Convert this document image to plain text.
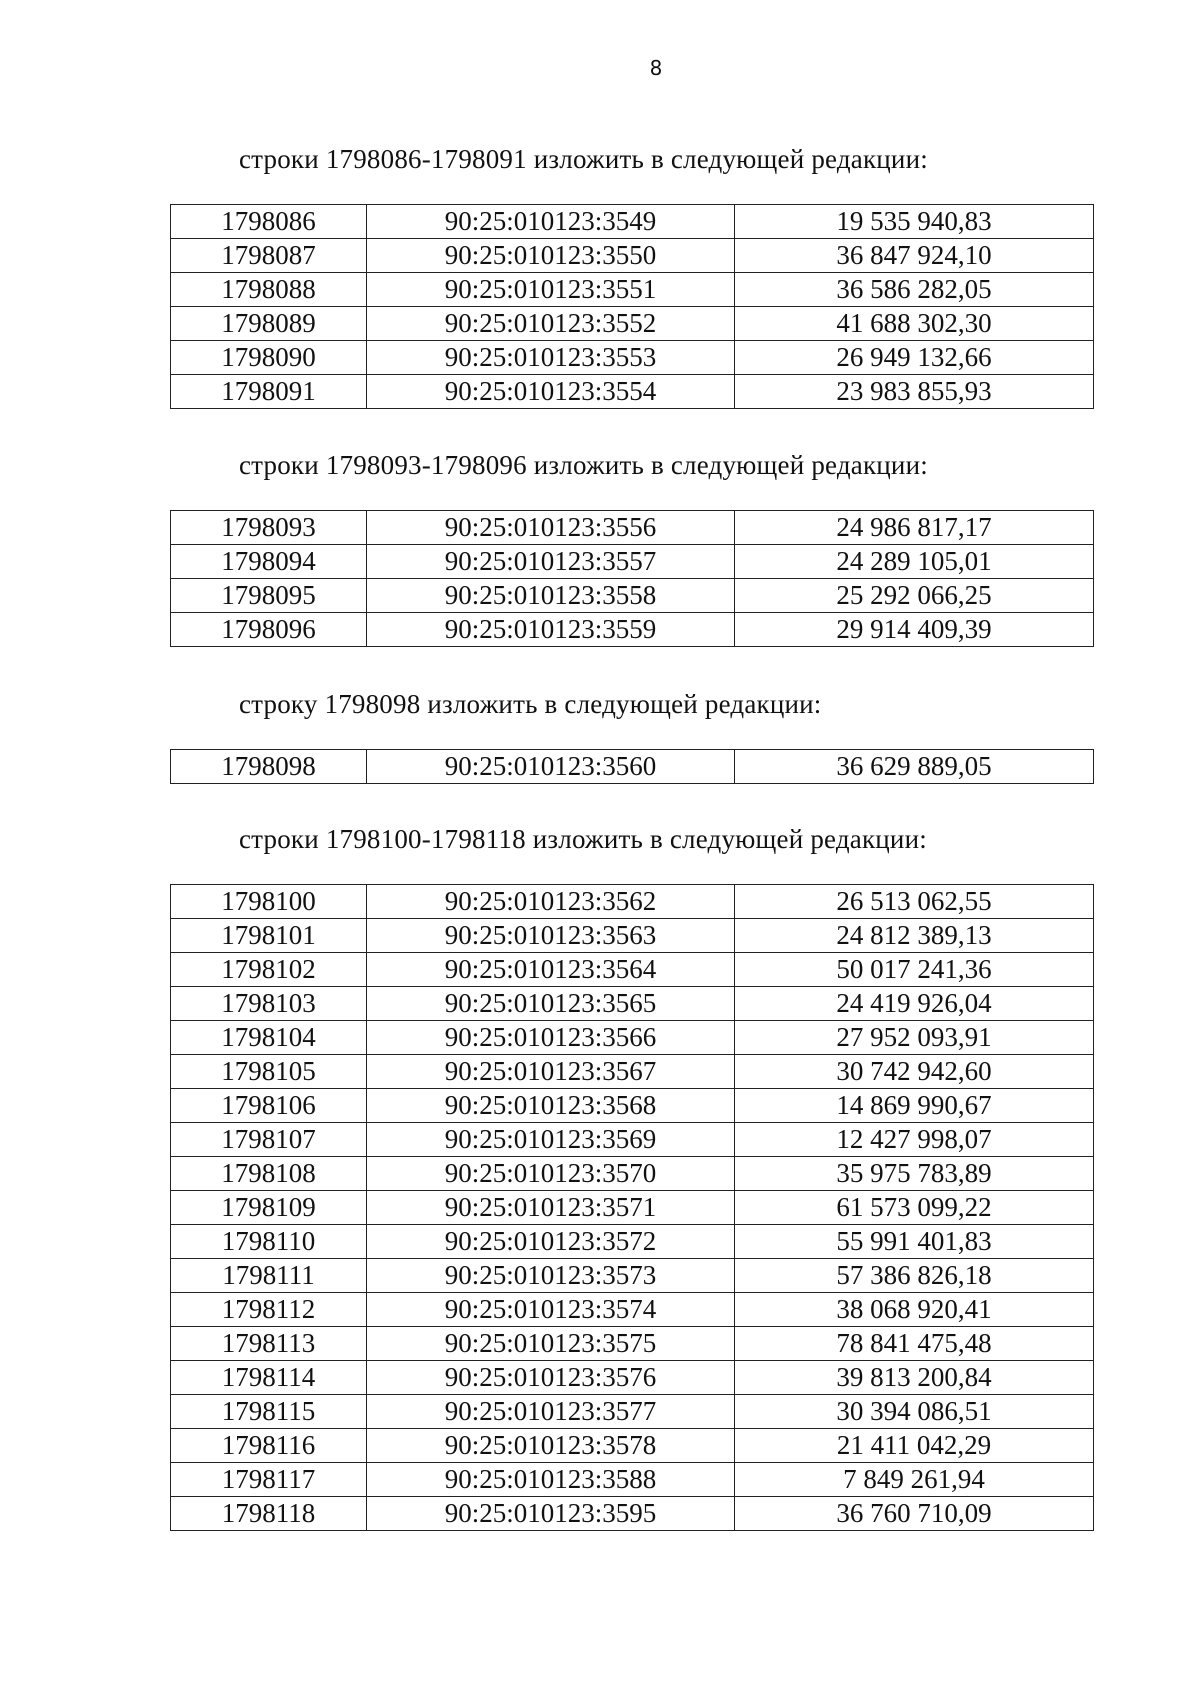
8
строки 1798086-1798091 изложить в следующей редакции:
1798086	90:25:010123:3549	19 535 940,83
1798087	90:25:010123:3550	36 847 924,10
1798088	90:25:010123:3551	36 586 282,05
1798089	90:25:010123:3552	41 688 302,30
1798090	90:25:010123:3553	26 949 132,66
1798091	90:25:010123:3554	23 983 855,93
строки 1798093-1798096 изложить в следующей редакции:
1798093	90:25:010123:3556	24 986 817,17
1798094	90:25:010123:3557	24 289 105,01
1798095	90:25:010123:3558	25 292 066,25
1798096	90:25:010123:3559	29 914 409,39
строку 1798098 изложить в следующей редакции:
1798098	90:25:010123:3560	36 629 889,05
строки 1798100-1798118 изложить в следующей редакции:
1798100	90:25:010123:3562	26 513 062,55
1798101	90:25:010123:3563	24 812 389,13
1798102	90:25:010123:3564	50 017 241,36
1798103	90:25:010123:3565	24 419 926,04
1798104	90:25:010123:3566	27 952 093,91
1798105	90:25:010123:3567	30 742 942,60
1798106	90:25:010123:3568	14 869 990,67
1798107	90:25:010123:3569	12 427 998,07
1798108	90:25:010123:3570	35 975 783,89
1798109	90:25:010123:3571	61 573 099,22
1798110	90:25:010123:3572	55 991 401,83
1798111	90:25:010123:3573	57 386 826,18
1798112	90:25:010123:3574	38 068 920,41
1798113	90:25:010123:3575	78 841 475,48
1798114	90:25:010123:3576	39 813 200,84
1798115	90:25:010123:3577	30 394 086,51
1798116	90:25:010123:3578	21 411 042,29
1798117	90:25:010123:3588	7 849 261,94
1798118	90:25:010123:3595	36 760 710,09
